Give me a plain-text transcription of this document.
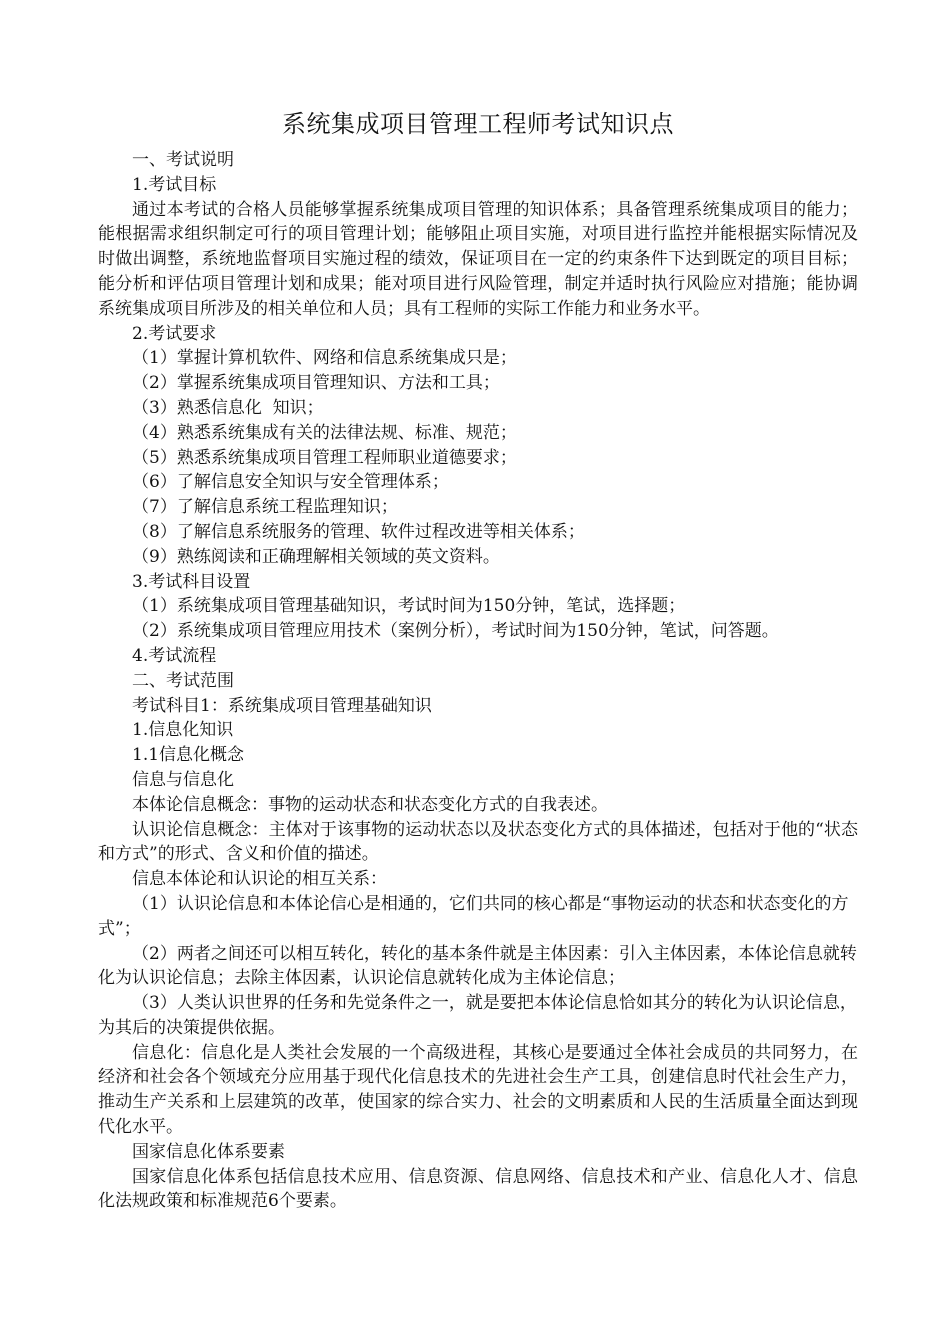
系统集成项目管理工程师考试知识点

一、考试说明

1.考试目标

通过本考试的合格人员能够掌握系统集成项目管理的知识体系；具备管理系统集成项目的能力；能根据需求组织制定可行的项目管理计划；能够阻止项目实施，对项目进行监控并能根据实际情况及时做出调整，系统地监督项目实施过程的绩效，保证项目在一定的约束条件下达到既定的项目目标；能分析和评估项目管理计划和成果；能对项目进行风险管理，制定并适时执行风险应对措施；能协调系统集成项目所涉及的相关单位和人员；具有工程师的实际工作能力和业务水平。

2.考试要求

（1）掌握计算机软件、网络和信息系统集成只是；

（2）掌握系统集成项目管理知识、方法和工具；

（3）熟悉信息化  知识；

（4）熟悉系统集成有关的法律法规、标准、规范；

（5）熟悉系统集成项目管理工程师职业道德要求；

（6）了解信息安全知识与安全管理体系；

（7）了解信息系统工程监理知识；

（8）了解信息系统服务的管理、软件过程改进等相关体系；

（9）熟练阅读和正确理解相关领域的英文资料。

3.考试科目设置

（1）系统集成项目管理基础知识，考试时间为150分钟，笔试，选择题；

（2）系统集成项目管理应用技术（案例分析），考试时间为150分钟，笔试，问答题。

4.考试流程

二、考试范围

考试科目1：系统集成项目管理基础知识

1.信息化知识

1.1信息化概念

信息与信息化

本体论信息概念：事物的运动状态和状态变化方式的自我表述。

认识论信息概念：主体对于该事物的运动状态以及状态变化方式的具体描述，包括对于他的“状态和方式”的形式、含义和价值的描述。

信息本体论和认识论的相互关系：

（1）认识论信息和本体论信心是相通的，它们共同的核心都是“事物运动的状态和状态变化的方式”；

（2）两者之间还可以相互转化，转化的基本条件就是主体因素：引入主体因素，本体论信息就转化为认识论信息；去除主体因素，认识论信息就转化成为主体论信息；

（3）人类认识世界的任务和先觉条件之一，就是要把本体论信息恰如其分的转化为认识论信息，为其后的决策提供依据。

信息化：信息化是人类社会发展的一个高级进程，其核心是要通过全体社会成员的共同努力，在经济和社会各个领域充分应用基于现代化信息技术的先进社会生产工具，创建信息时代社会生产力，推动生产关系和上层建筑的改革，使国家的综合实力、社会的文明素质和人民的生活质量全面达到现代化水平。

国家信息化体系要素

国家信息化体系包括信息技术应用、信息资源、信息网络、信息技术和产业、信息化人才、信息化法规政策和标准规范6个要素。
